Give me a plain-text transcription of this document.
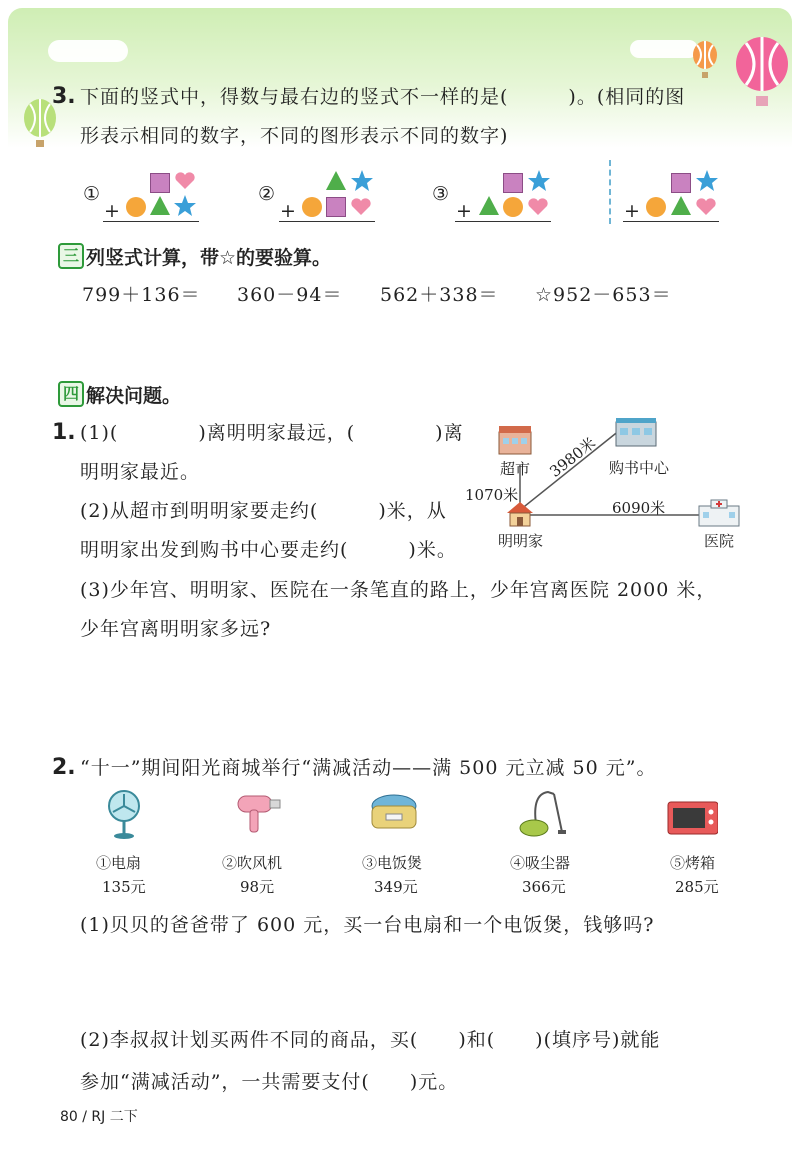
3. 下面的竖式中，得数与最右边的竖式不一样的是(　　　)。(相同的图
形表示相同的数字，不同的图形表示不同的数字)
①
+
②
+
③
+	+
三 列竖式计算，带☆的要验算。
799＋136＝ 360－94＝ 562＋338＝ ☆952－653＝
四 解决问题。
1. (1)(　　　　)离明明家最远，(　　　　)离
明明家最近。
(2)从超市到明明家要走约(　　　)米，从
明明家出发到购书中心要走约(　　　)米。
(3)少年宫、明明家、医院在一条笔直的路上，少年宫离医院 2000 米，
少年宫离明明家多远?
超市
1070米
购书中心
3980米
明明家
6090米
医院
2. “十一”期间阳光商城举行“满减活动——满 500 元立减 50 元”。
①电扇
135元
②吹风机
98元
③电饭煲
349元
④吸尘器
366元
⑤烤箱
285元
(1)贝贝的爸爸带了 600 元，买一台电扇和一个电饭煲，钱够吗?
(2)李叔叔计划买两件不同的商品，买(　　)和(　　)(填序号)就能
参加“满减活动”，一共需要支付(　　)元。
80 / RJ 二下
